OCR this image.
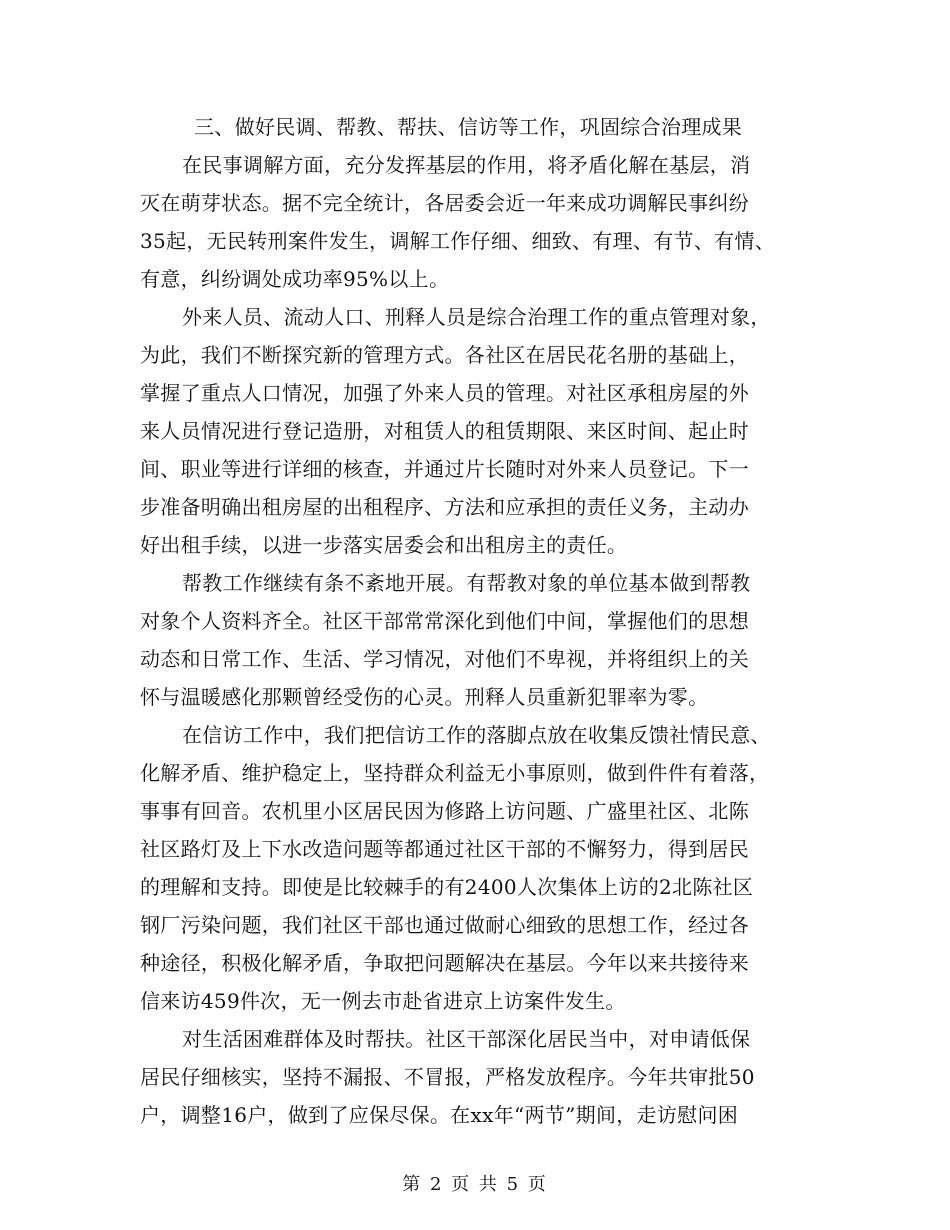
三、做好民调、帮教、帮扶、信访等工作，巩固综合治理成果
在民事调解方面，充分发挥基层的作用，将矛盾化解在基层，消
灭在萌芽状态。据不完全统计，各居委会近一年来成功调解民事纠纷
35起，无民转刑案件发生，调解工作仔细、细致、有理、有节、有情、
有意，纠纷调处成功率95%以上。
外来人员、流动人口、刑释人员是综合治理工作的重点管理对象，
为此，我们不断探究新的管理方式。各社区在居民花名册的基础上，
掌握了重点人口情况，加强了外来人员的管理。对社区承租房屋的外
来人员情况进行登记造册，对租赁人的租赁期限、来区时间、起止时
间、职业等进行详细的核查，并通过片长随时对外来人员登记。下一
步准备明确出租房屋的出租程序、方法和应承担的责任义务，主动办
好出租手续，以进一步落实居委会和出租房主的责任。
帮教工作继续有条不紊地开展。有帮教对象的单位基本做到帮教
对象个人资料齐全。社区干部常常深化到他们中间，掌握他们的思想
动态和日常工作、生活、学习情况，对他们不卑视，并将组织上的关
怀与温暖感化那颗曾经受伤的心灵。刑释人员重新犯罪率为零。
在信访工作中，我们把信访工作的落脚点放在收集反馈社情民意、
化解矛盾、维护稳定上，坚持群众利益无小事原则，做到件件有着落，
事事有回音。农机里小区居民因为修路上访问题、广盛里社区、北陈
社区路灯及上下水改造问题等都通过社区干部的不懈努力，得到居民
的理解和支持。即使是比较棘手的有2400人次集体上访的2北陈社区
钢厂污染问题，我们社区干部也通过做耐心细致的思想工作，经过各
种途径，积极化解矛盾，争取把问题解决在基层。今年以来共接待来
信来访459件次，无一例去市赴省进京上访案件发生。
对生活困难群体及时帮扶。社区干部深化居民当中，对申请低保
居民仔细核实，坚持不漏报、不冒报，严格发放程序。今年共审批50
户，调整16户，做到了应保尽保。在xx年“两节”期间，走访慰问困
第 2 页 共 5 页
